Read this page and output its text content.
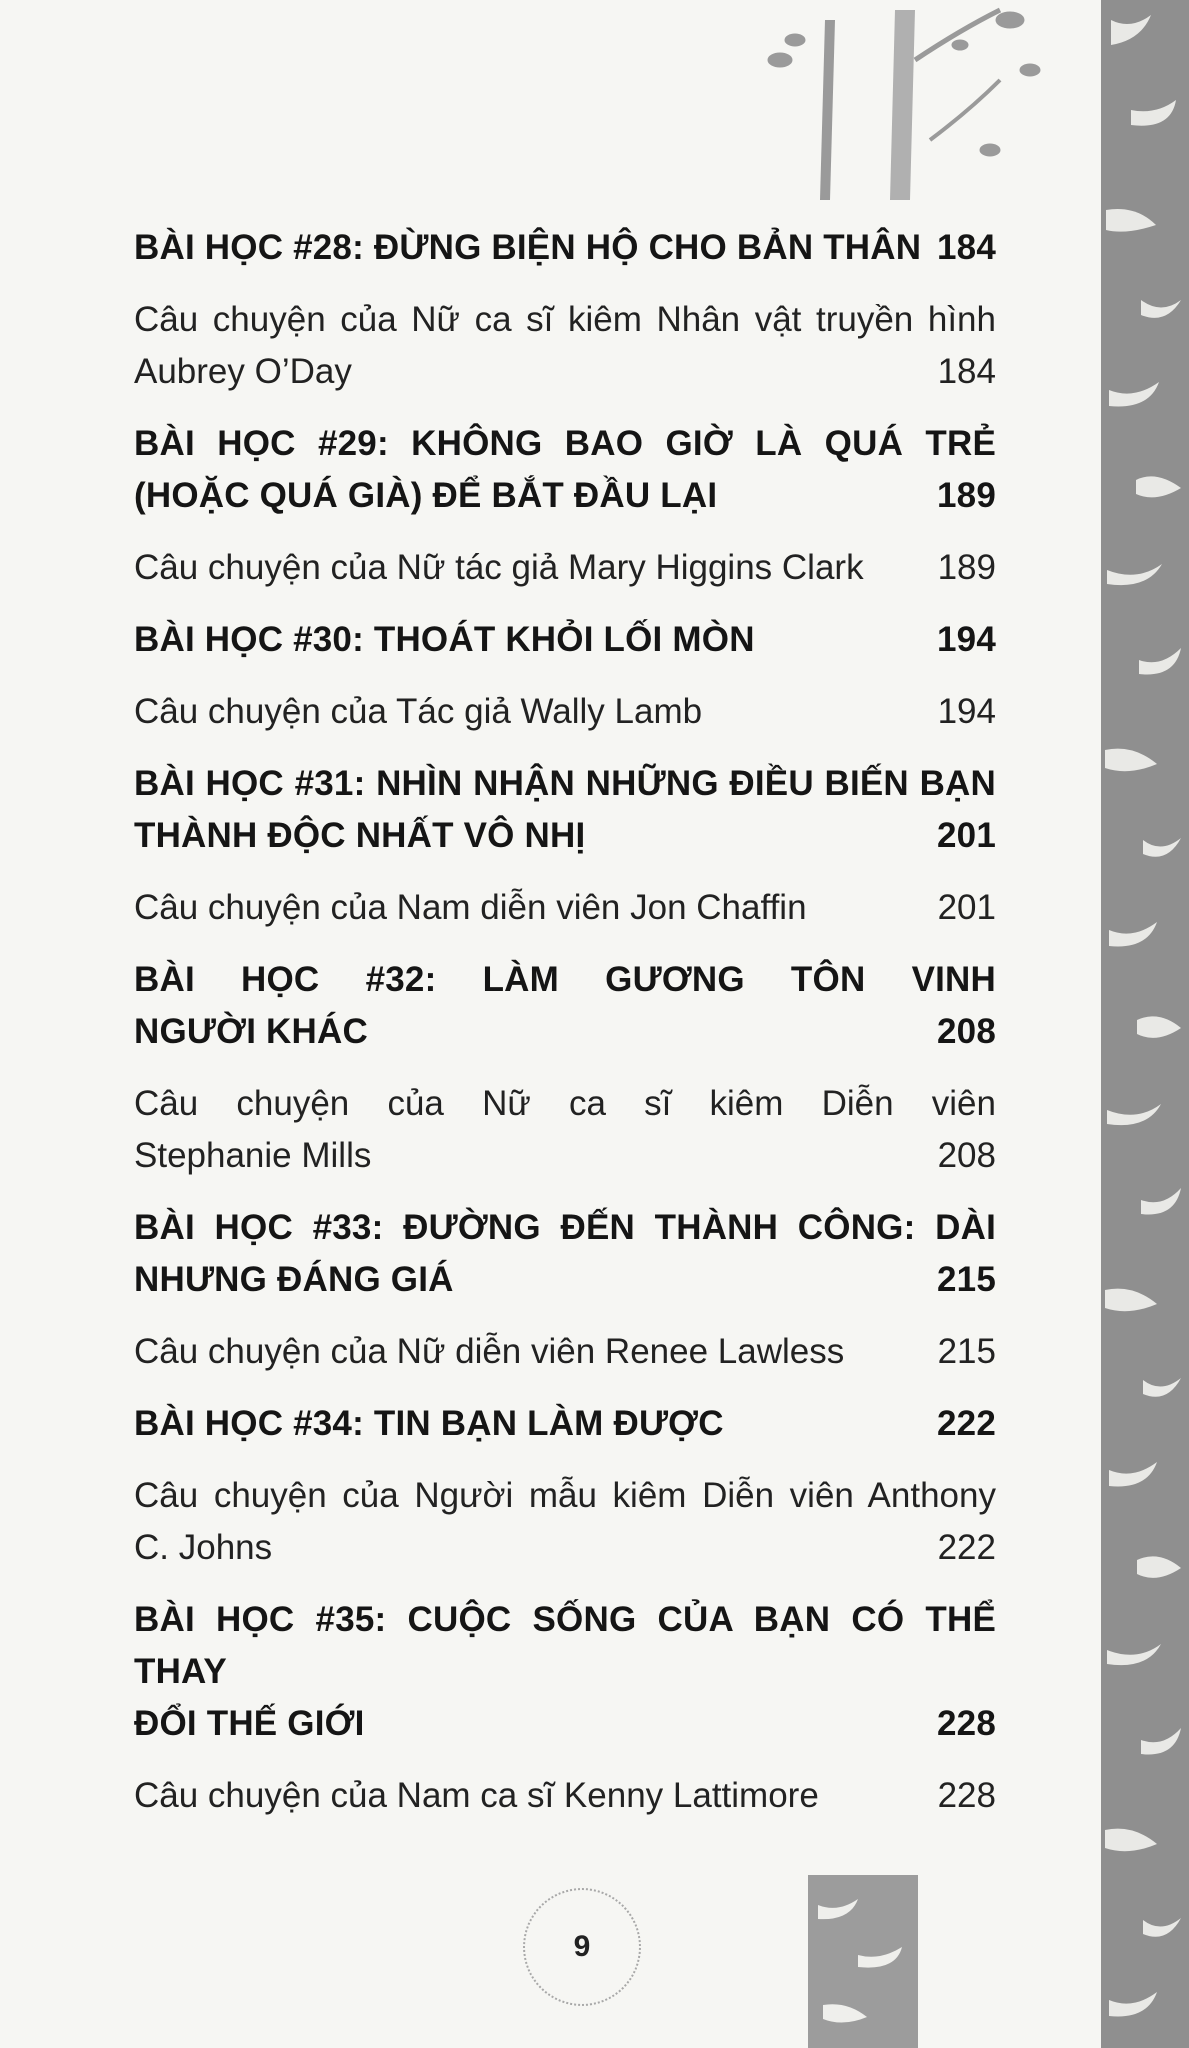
BÀI HỌC #28: ĐỪNG BIỆN HỘ CHO BẢN THÂN 184
Câu chuyện của Nữ ca sĩ kiêm Nhân vật truyền hình
Aubrey O’Day	184
BÀI HỌC #29: KHÔNG BAO GIỜ LÀ QUÁ TRẺ
(HOẶC QUÁ GIÀ) ĐỂ BẮT ĐẦU LẠI	189
Câu chuyện của Nữ tác giả Mary Higgins Clark 189
BÀI HỌC #30: THOÁT KHỎI LỐI MÒN	194
Câu chuyện của Tác giả Wally Lamb	194
BÀI HỌC #31: NHÌN NHẬN NHỮNG ĐIỀU BIẾN BẠN
THÀNH ĐỘC NHẤT VÔ NHỊ	201
Câu chuyện của Nam diễn viên Jon Chaffin	201
BÀI HỌC #32: LÀM GƯƠNG TÔN VINH
NGƯỜI KHÁC	208
Câu chuyện của Nữ ca sĩ kiêm Diễn viên
Stephanie Mills	208
BÀI HỌC #33: ĐƯỜNG ĐẾN THÀNH CÔNG: DÀI
NHƯNG ĐÁNG GIÁ	215
Câu chuyện của Nữ diễn viên Renee Lawless	215
BÀI HỌC #34: TIN BẠN LÀM ĐƯỢC	222
Câu chuyện của Người mẫu kiêm Diễn viên Anthony
C. Johns	222
BÀI HỌC #35: CUỘC SỐNG CỦA BẠN CÓ THỂ THAY
ĐỔI THẾ GIỚI	228
Câu chuyện của Nam ca sĩ Kenny Lattimore	228
9
